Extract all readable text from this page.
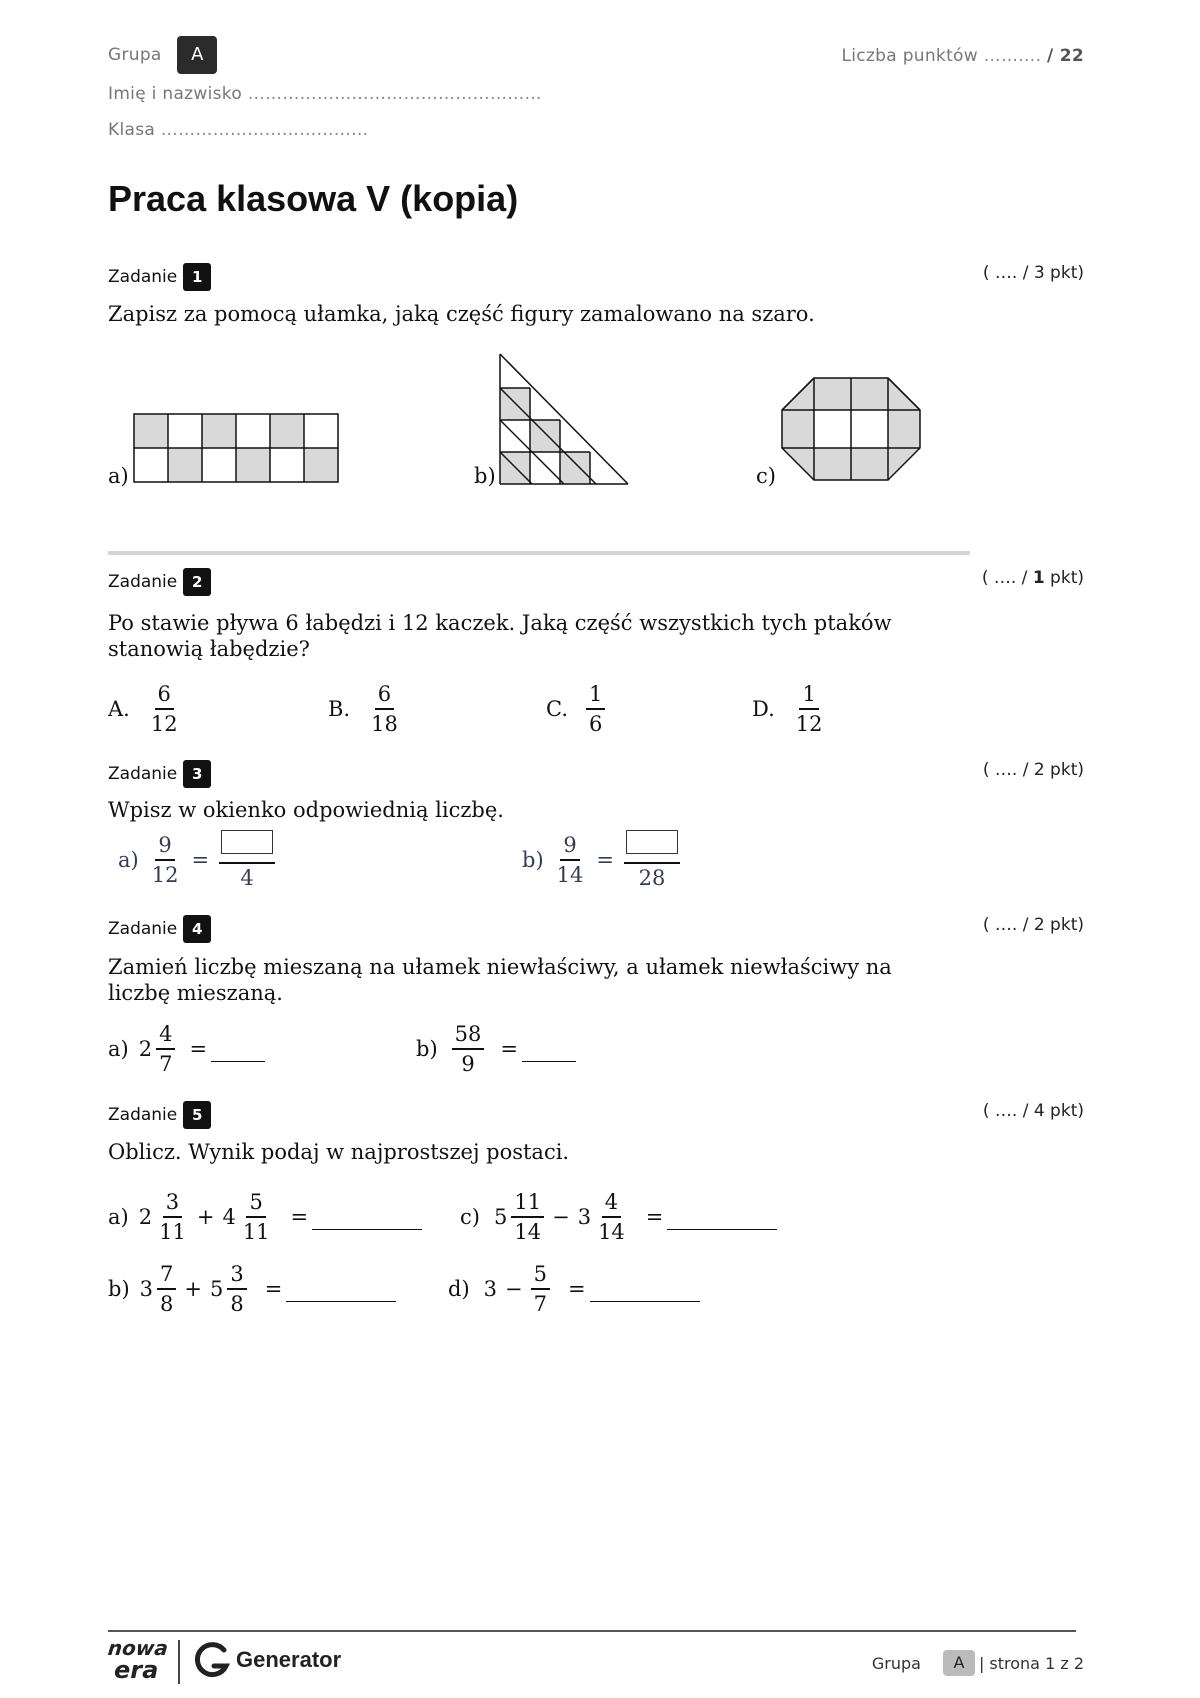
Grupa A
Imię i nazwisko ……………………………………………
Klasa ………………………………
Liczba punktów ………. / 22
Praca klasowa V (kopia)
Zadanie 1	( …. / 3 pkt)
Zapisz za pomocą ułamka, jaką część figury zamalowano na szaro.
a)	b)	c)
Zadanie 2	( …. / 1 pkt)
Po stawie pływa 6 łabędzi i 12 kaczek. Jaką część wszystkich tych ptaków stanowią łabędzie?
A. $\frac{6}{12}$	B. $\frac{6}{18}$	C. $\frac{1}{6}$	D. $\frac{1}{12}$
Zadanie 3	( …. / 2 pkt)
Wpisz w okienko odpowiednią liczbę.
$a) \frac{9}{12}$ =
4
$b) \frac{9}{14}$ =
28
Zadanie 4	( …. / 2 pkt)
Zamień liczbę mieszaną na ułamek niewłaściwy, a ułamek niewłaściwy na liczbę mieszaną.
a) $2 \frac{4}{7}$ =	$b) \frac{58}{9}$ =
Zadanie 5	( …. / 4 pkt)
Oblicz. Wynik podaj w najprostszej postaci.
a) $2 \frac{3}{11} + 4 \frac{5}{11}$ =
b) $3 \frac{7}{8} + 5 \frac{3}{8}$ =
c) $5 \frac{11}{14} - 3 \frac{4}{14}$ =
d) $3 - \frac{5}{7}$ =
nowa
era	Generator	Grupa	A | strona 1 z 2
